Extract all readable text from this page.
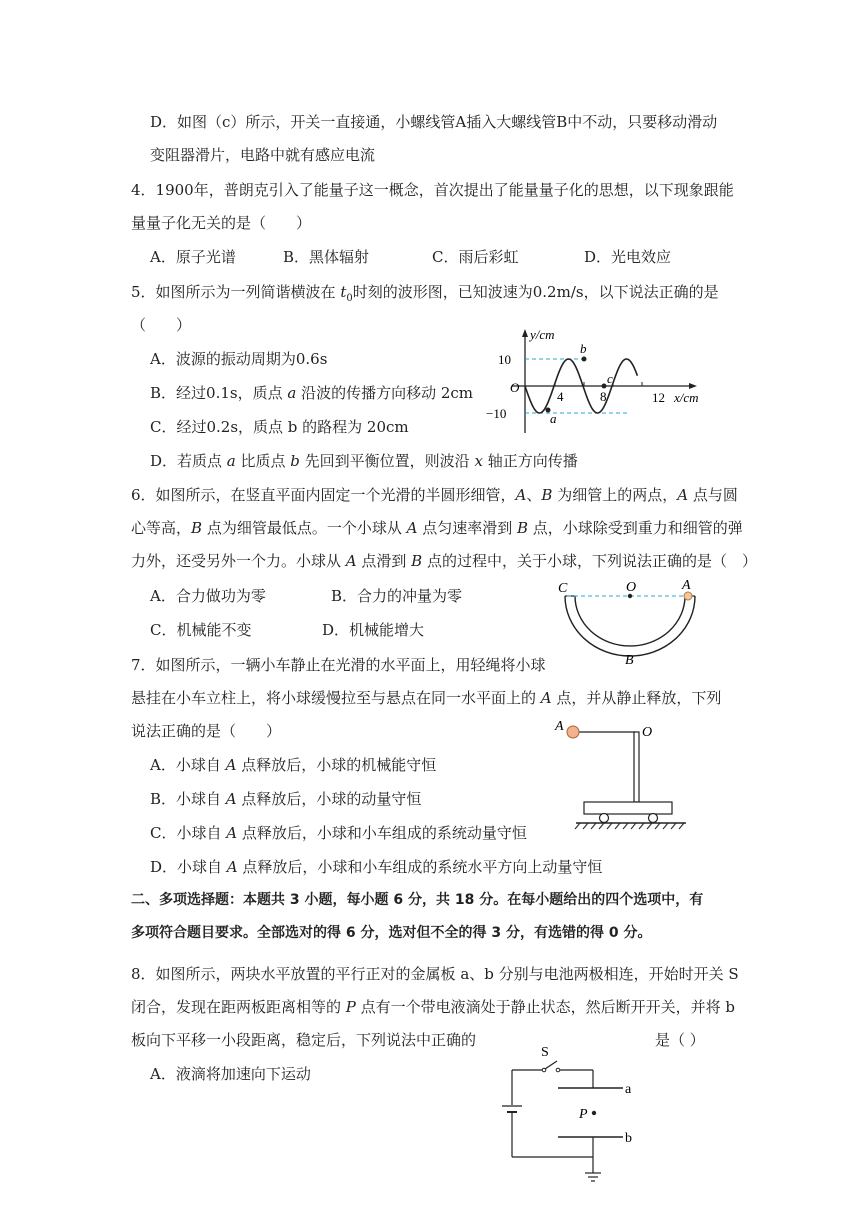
D．如图（c）所示，开关一直接通，小螺线管A插入大螺线管B中不动，只要移动滑动
变阻器滑片，电路中就有感应电流
4．1900年，普朗克引入了能量子这一概念，首次提出了能量量子化的思想，以下现象跟能
量量子化无关的是（　　）
A．原子光谱	B．黑体辐射	C．雨后彩虹	D．光电效应
5．如图所示为一列简谐横波在 $t_0$时刻的波形图，已知波速为0.2m/s，以下说法正确的是
（　　）
A．波源的振动周期为0.6s
B．经过0.1s，质点 a 沿波的传播方向移动 2cm
C．经过0.2s，质点 b 的路程为 20cm
D．若质点 a 比质点 b 先回到平衡位置，则波沿 x 轴正方向传播
y/cm
x/cm
O
10
−10
4	8	12
a
b
c
6．如图所示，在竖直平面内固定一个光滑的半圆形细管，A、B 为细管上的两点，A 点与圆
心等高，B 点为细管最低点。一个小球从 A 点匀速率滑到 B 点，小球除受到重力和细管的弹
力外，还受另外一个力。小球从 A 点滑到 B 点的过程中，关于小球，下列说法正确的是（　）
A．合力做功为零	B．合力的冲量为零
C．机械能不变	D．机械能增大
C	O	A
B
7．如图所示，一辆小车静止在光滑的水平面上，用轻绳将小球
悬挂在小车立柱上，将小球缓慢拉至与悬点在同一水平面上的 A 点，并从静止释放，下列
说法正确的是（　　）
A．小球自 A 点释放后，小球的机械能守恒
B．小球自 A 点释放后，小球的动量守恒
C．小球自 A 点释放后，小球和小车组成的系统动量守恒
D．小球自 A 点释放后，小球和小车组成的系统水平方向上动量守恒
A	O
二、多项选择题：本题共 3 小题，每小题 6 分，共 18 分。在每小题给出的四个选项中，有
多项符合题目要求。全部选对的得 6 分，选对但不全的得 3 分，有选错的得 0 分。
8．如图所示，两块水平放置的平行正对的金属板 a、b 分别与电池两极相连，开始时开关 S
闭合，发现在距两板距离相等的 P 点有一个带电液滴处于静止状态，然后断开开关，并将 b
板向下平移一小段距离，稳定后，下列说法中正确的	是（ ）
A．液滴将加速向下运动
S
a
b
P
